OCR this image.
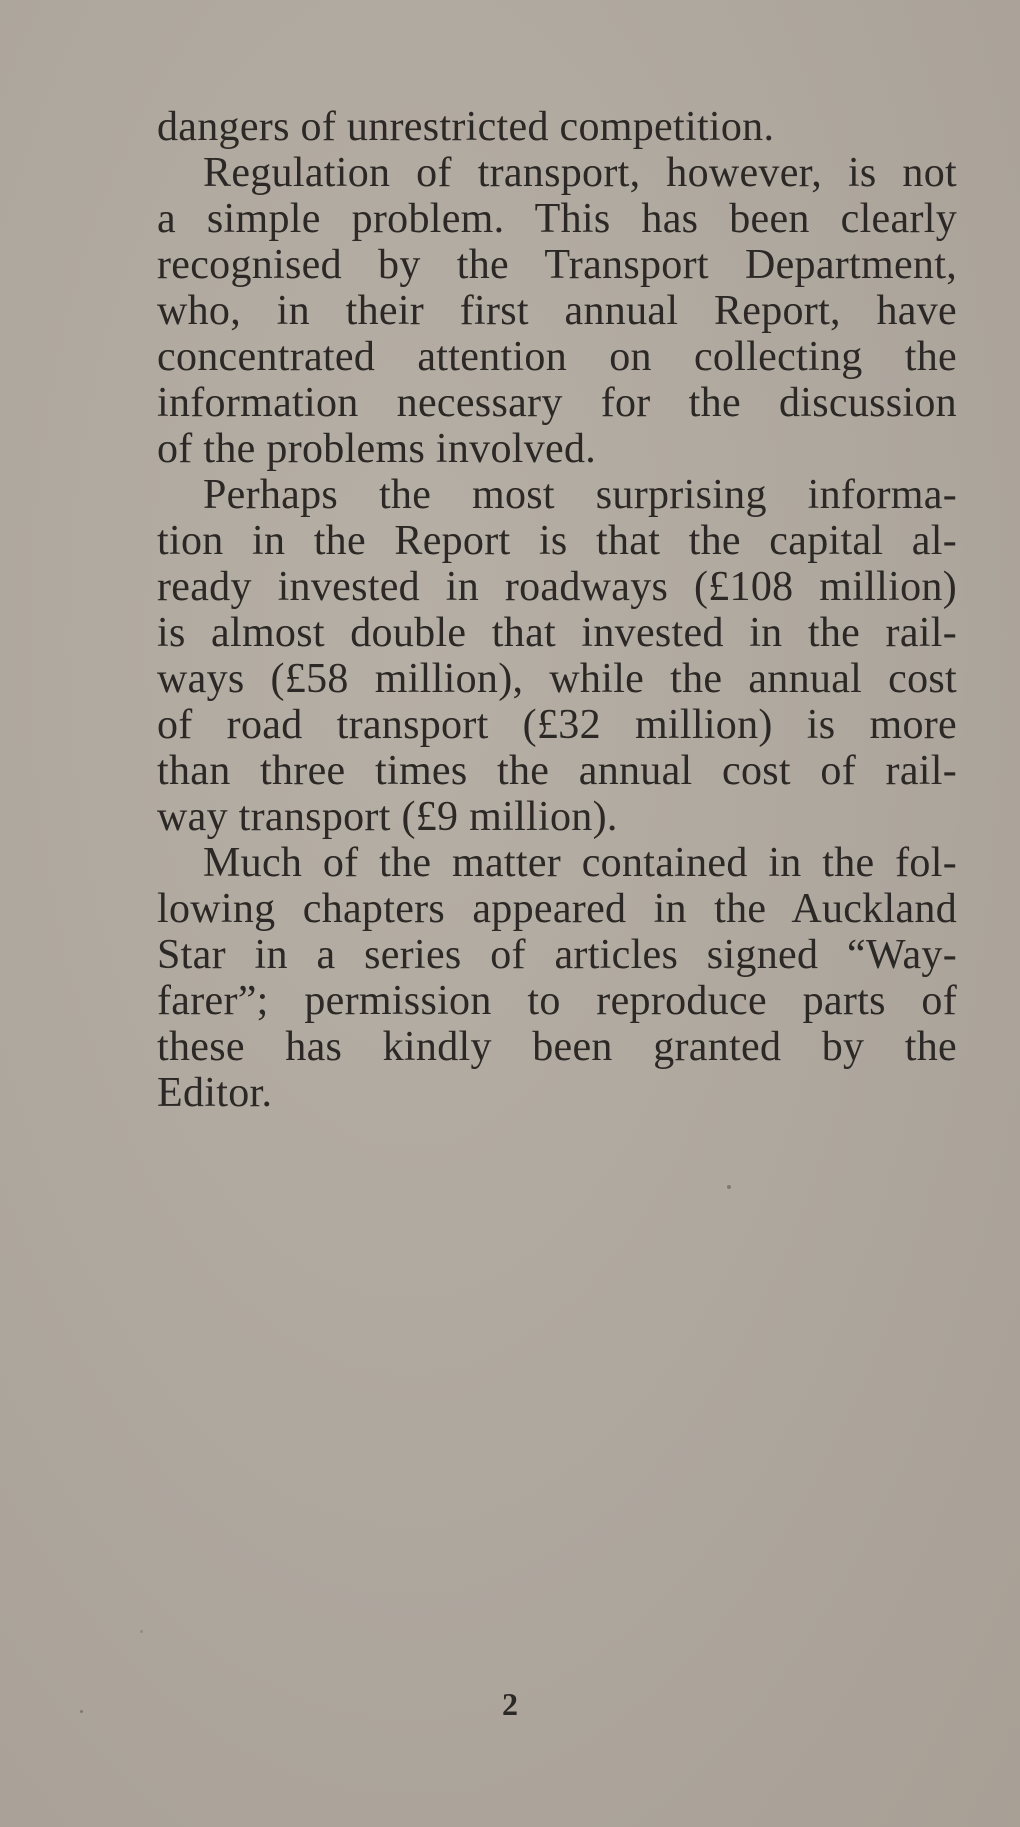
dangers of unrestricted competition.
Regulation of transport, however, is not
a simple problem. This has been clearly
recognised by the Transport Department,
who, in their first annual Report, have
concentrated attention on collecting the
information necessary for the discussion
of the problems involved.
Perhaps the most surprising informa-
tion in the Report is that the capital al-
ready invested in roadways (£108 million)
is almost double that invested in the rail-
ways (£58 million), while the annual cost
of road transport (£32 million) is more
than three times the annual cost of rail-
way transport (£9 million).
Much of the matter contained in the fol-
lowing chapters appeared in the Auckland
Star in a series of articles signed “Way-
farer”; permission to reproduce parts of
these has kindly been granted by the
Editor.
2
